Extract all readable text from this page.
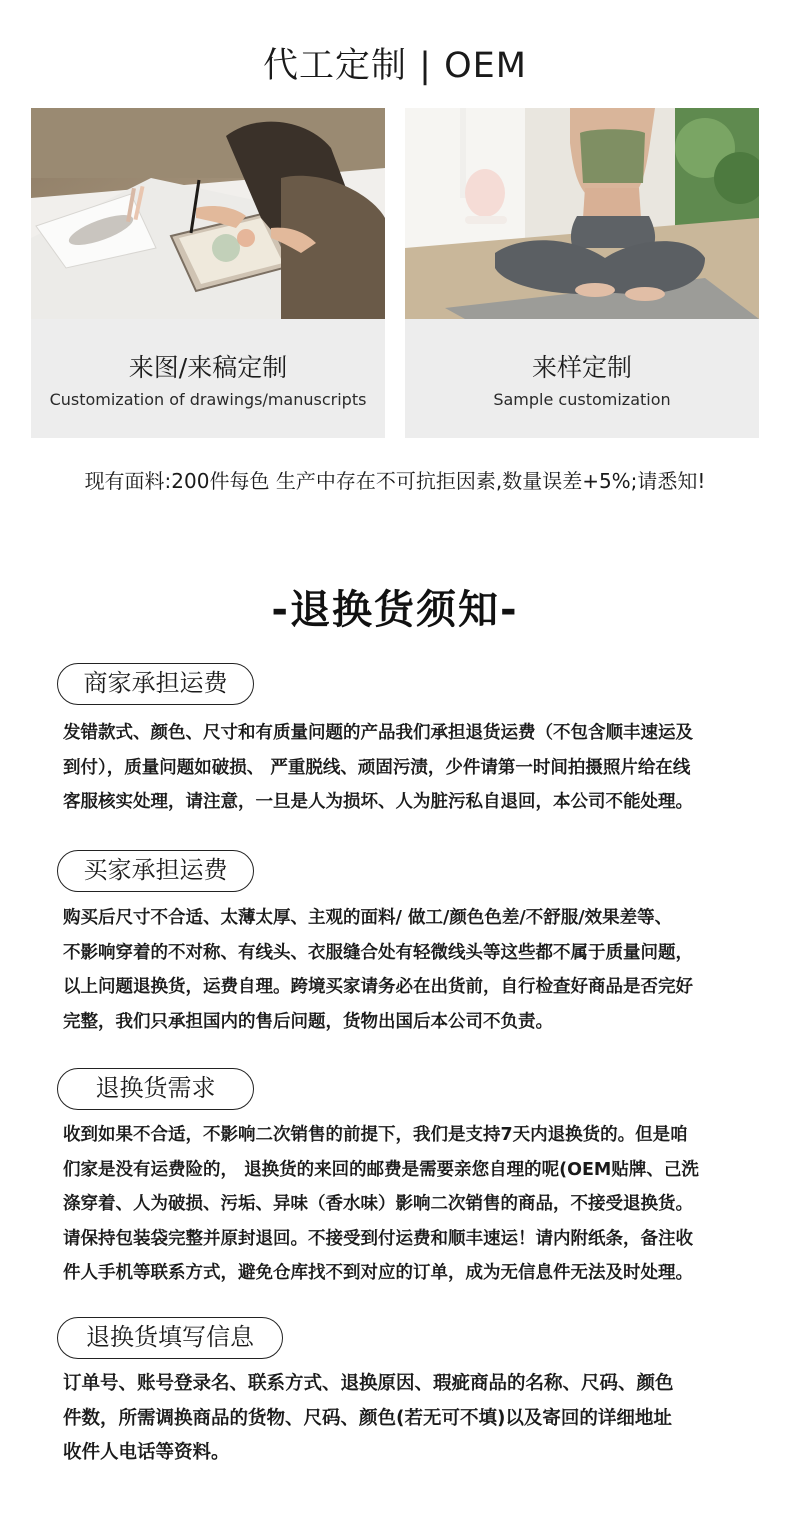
代工定制 | OEM
来图/来稿定制
Customization of drawings/manuscripts
来样定制
Sample customization
现有面料:200件每色 生产中存在不可抗拒因素,数量误差+5%;请悉知!
-退换货须知-
商家承担运费
发错款式、颜色、尺寸和有质量问题的产品我们承担退货运费（不包含顺丰速运及
到付），质量问题如破损、 严重脱线、顽固污渍，少件请第一时间拍摄照片给在线
客服核实处理，请注意，一旦是人为损坏、人为脏污私自退回，本公司不能处理。
买家承担运费
购买后尺寸不合适、太薄太厚、主观的面料/ 做工/颜色色差/不舒服/效果差等、
不影响穿着的不对称、有线头、衣服缝合处有轻微线头等这些都不属于质量问题，
以上问题退换货，运费自理。跨境买家请务必在出货前，自行检查好商品是否完好
完整，我们只承担国内的售后问题，货物出国后本公司不负责。
退换货需求
收到如果不合适，不影响二次销售的前提下，我们是支持7天内退换货的。但是咱
们家是没有运费险的， 退换货的来回的邮费是需要亲您自理的呢(OEM贴牌、己洗
涤穿着、人为破损、污垢、异味（香水味）影响二次销售的商品，不接受退换货。
请保持包装袋完整并原封退回。不接受到付运费和顺丰速运！请内附纸条，备注收
件人手机等联系方式，避免仓库找不到对应的订单，成为无信息件无法及时处理。
退换货填写信息
订单号、账号登录名、联系方式、退换原因、瑕疵商品的名称、尺码、颜色
件数，所需调换商品的货物、尺码、颜色(若无可不填)以及寄回的详细地址
收件人电话等资料。
